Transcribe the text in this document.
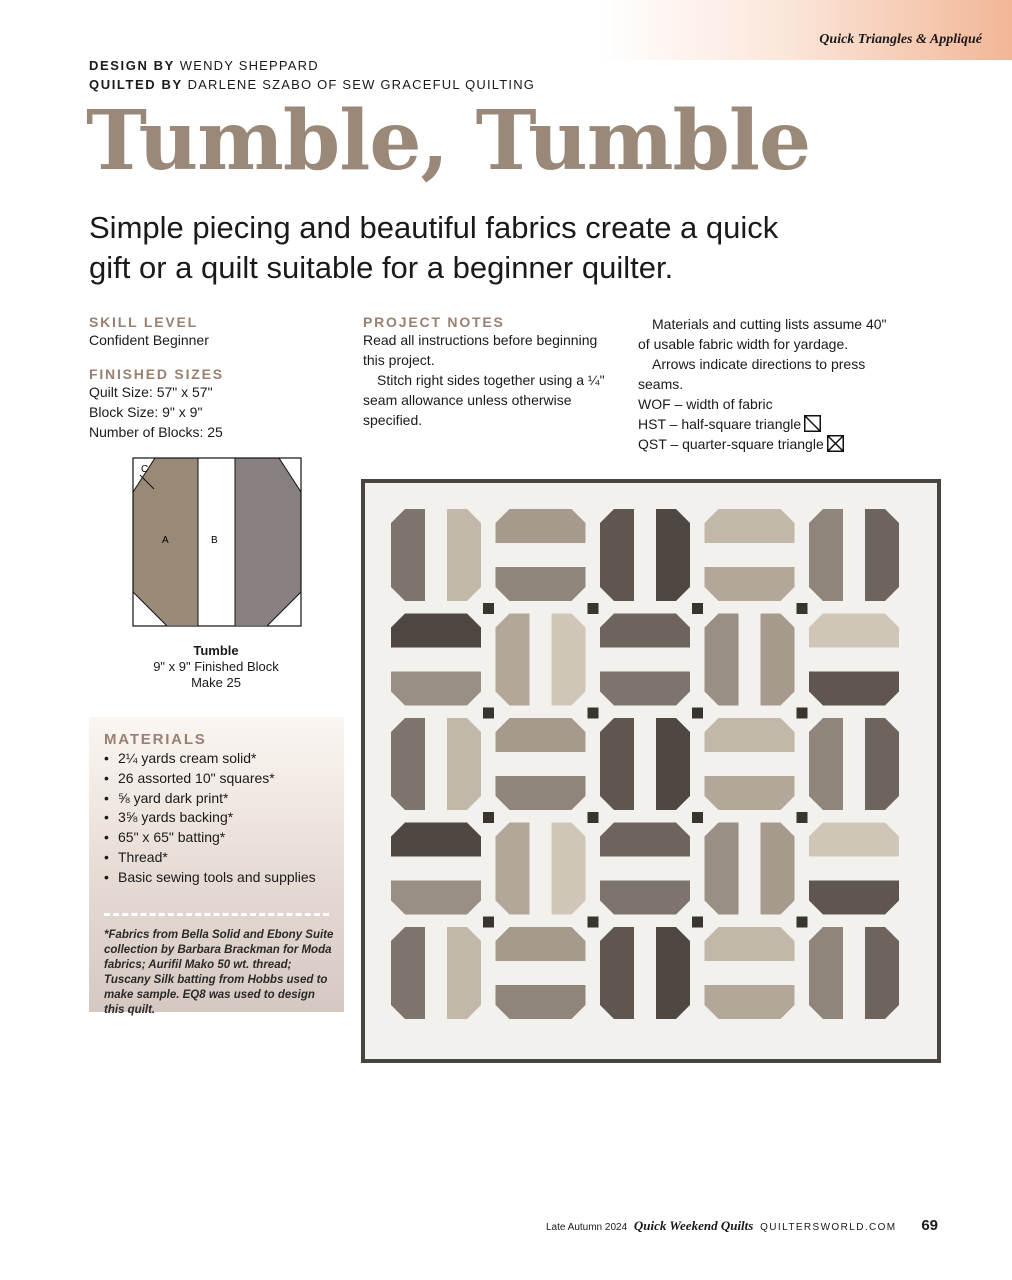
Quick Triangles & Appliqué
DESIGN BY WENDY SHEPPARD
QUILTED BY DARLENE SZABO OF SEW GRACEFUL QUILTING
Tumble, Tumble

Simple piecing and beautiful fabrics create a quick gift or a quilt suitable for a beginner quilter.

SKILL LEVEL
Confident Beginner
FINISHED SIZES
Quilt Size: 57" x 57"
Block Size: 9" x 9"
Number of Blocks: 25
PROJECT NOTES
Read all instructions before beginning this project.
Stitch right sides together using a ¼" seam allowance unless otherwise specified.
Materials and cutting lists assume 40" of usable fabric width for yardage.
Arrows indicate directions to press seams.
WOF – width of fabric
HST – half-square triangle
QST – quarter-square triangle
C
A	B
Tumble
9" x 9" Finished Block
Make 25
MATERIALS
• 2¼ yards cream solid*
• 26 assorted 10" squares*
• ⅝ yard dark print*
• 3⅝ yards backing*
• 65" x 65" batting*
• Thread*
• Basic sewing tools and supplies
*Fabrics from Bella Solid and Ebony Suite collection by Barbara Brackman for Moda fabrics; Aurifil Mako 50 wt. thread; Tuscany Silk batting from Hobbs used to make sample. EQ8 was used to design this quilt.
Late Autumn 2024 Quick Weekend Quilts QUILTERSWORLD.COM 69
